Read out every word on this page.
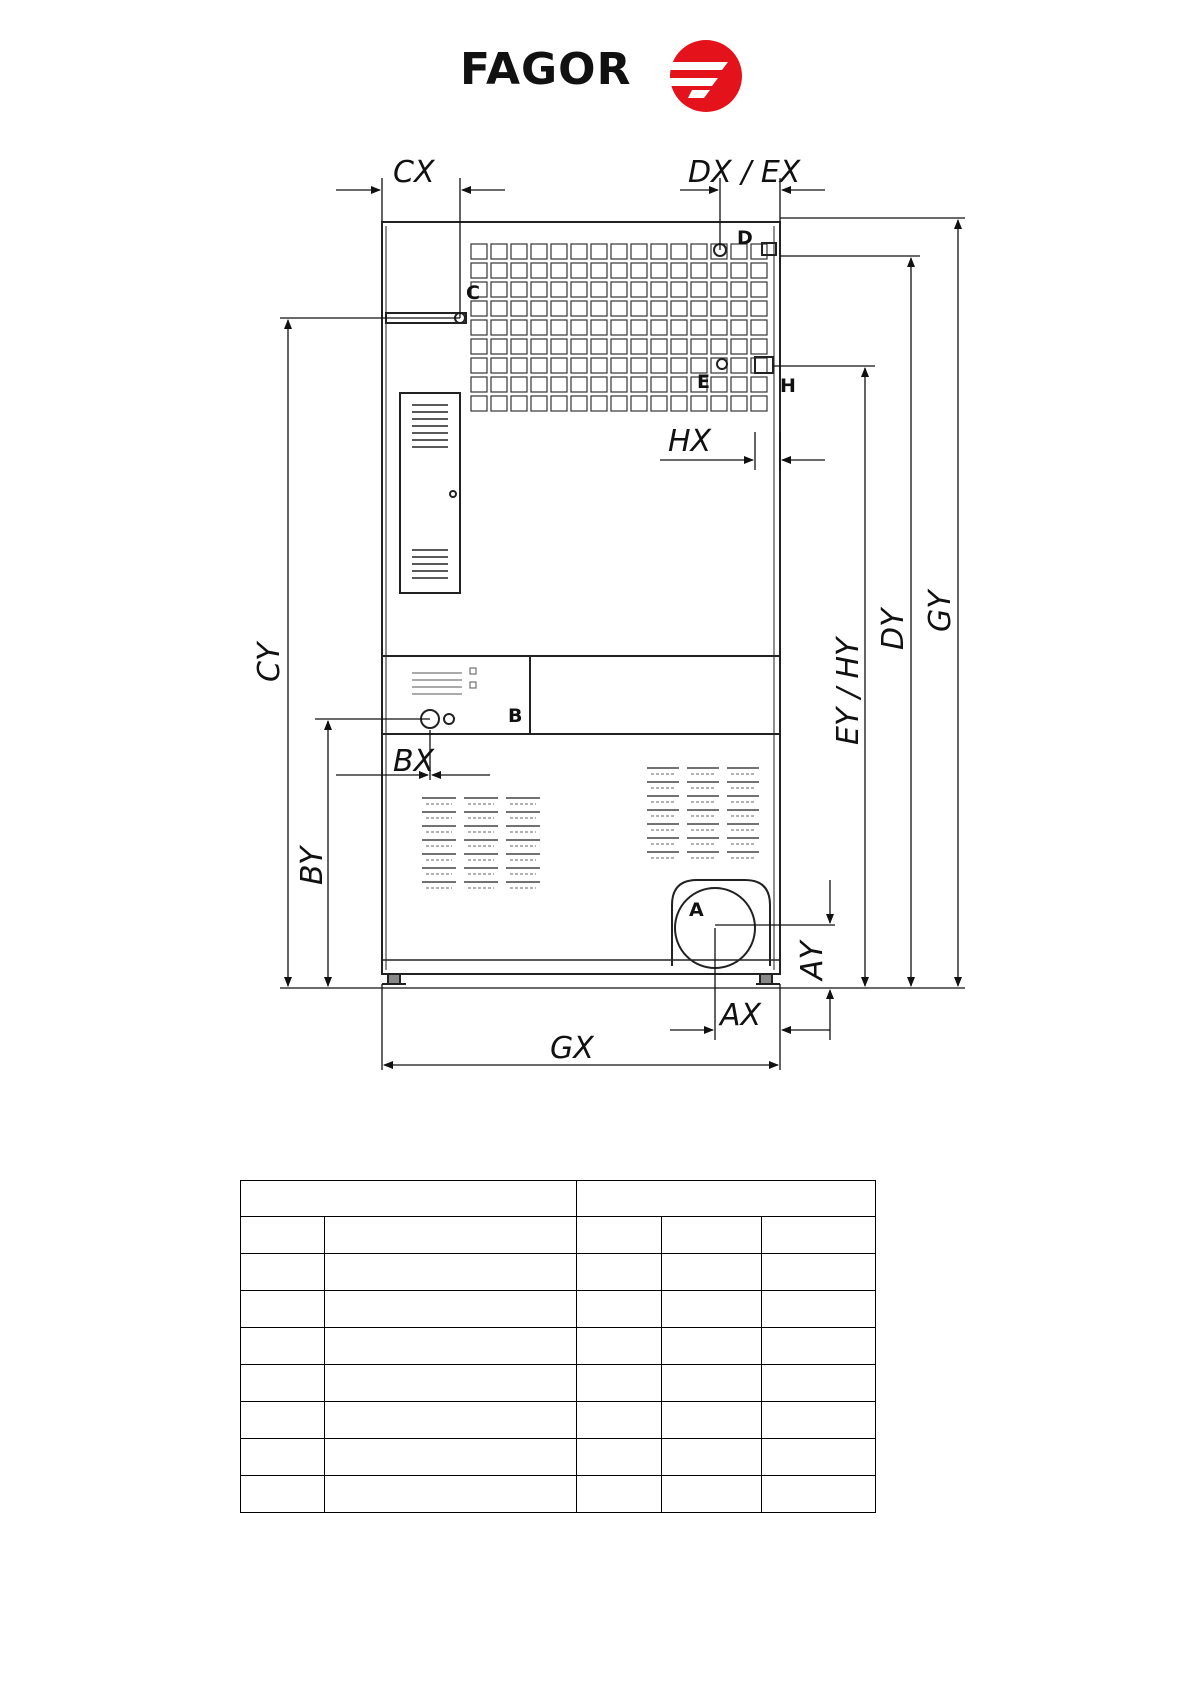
FAGOR
CX	DX / EX
HX
BX
AX
GX
CY
BY
EY / HY
DY GY
AY
A
B
C
D
E	H
